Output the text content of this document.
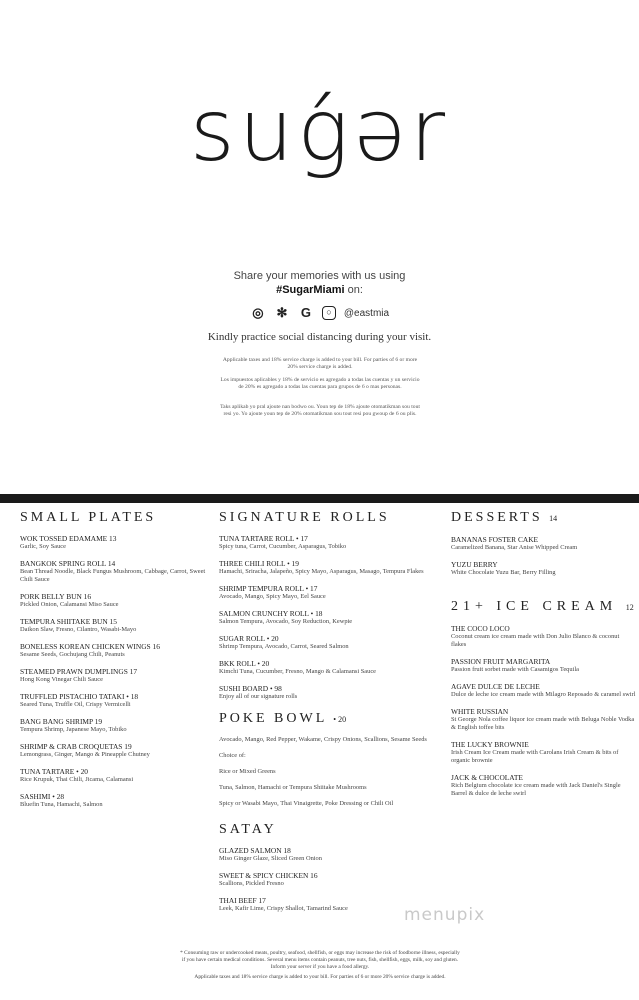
suǵər
Share your memories with us using
#SugarMiami on:
◎ ✻ G	○	@eastmia
Kindly practice social distancing during your visit.
Applicable taxes and 18% service charge is added to your bill. For parties of 6 or more 20% service charge is added.
Los impuestos aplicables y 18% de servicio es agregado a todas las cuentas y un servicio de 20% es agregado a todas las cuentas para grupos de 6 o mas personas.
Taks aplikab yo pral ajoute nan bodwo ou. Youn tep de 18% ajoute otomatikman sou tout resi yo. Yo ajoute youn tep de 20% otomatikman sou tout resi pou gwoup de 6 ou plis.
SMALL PLATES
WOK TOSSED EDAMAME 13
Garlic, Soy Sauce
BANGKOK SPRING ROLL 14
Bean Thread Noodle, Black Fungus Mushroom, Cabbage, Carrot, Sweet Chili Sauce
PORK BELLY BUN 16
Pickled Onion, Calamansi Miso Sauce
TEMPURA SHIITAKE BUN 15
Daikon Slaw, Fresno, Cilantro, Wasabi-Mayo
BONELESS KOREAN CHICKEN WINGS 16
Sesame Seeds, Gochujang Chili, Peanuts
STEAMED PRAWN DUMPLINGS 17
Hong Kong Vinegar Chili Sauce
TRUFFLED PISTACHIO TATAKI • 18
Seared Tuna, Truffle Oil, Crispy Vermicelli
BANG BANG SHRIMP 19
Tempura Shrimp, Japanese Mayo, Tobiko
SHRIMP & CRAB CROQUETAS 19
Lemongrass, Ginger, Mango & Pineapple Chutney
TUNA TARTARE • 20
Rice Krupuk, Thai Chili, Jicama, Calamansi
SASHIMI • 28
Bluefin Tuna, Hamachi, Salmon
SIGNATURE ROLLS
TUNA TARTARE ROLL • 17
Spicy tuna, Carrot, Cucumber, Asparagus, Tobiko
THREE CHILI ROLL • 19
Hamachi, Sriracha, Jalapeño, Spicy Mayo, Asparagus, Masago, Tempura Flakes
SHRIMP TEMPURA ROLL • 17
Avocado, Mango, Spicy Mayo, Eel Sauce
SALMON CRUNCHY ROLL • 18
Salmon Tempura, Avocado, Soy Reduction, Kewpie
SUGAR ROLL • 20
Shrimp Tempura, Avocado, Carrot, Seared Salmon
BKK ROLL • 20
Kimchi Tuna, Cucumber, Fresno, Mango & Calamansi Sauce
SUSHI BOARD • 98
Enjoy all of our signature rolls
POKE BOWL • 20
Avocado, Mango, Red Pepper, Wakame, Crispy Onions, Scallions, Sesame Seeds
Choice of:
Rice or Mixed Greens
Tuna, Salmon, Hamachi or Tempura Shiitake Mushrooms
Spicy or Wasabi Mayo, Thai Vinaigrette, Poke Dressing or Chili Oil
SATAY
GLAZED SALMON 18
Miso Ginger Glaze, Sliced Green Onion
SWEET & SPICY CHICKEN 16
Scallions, Pickled Fresno
THAI BEEF 17
Leek, Kafir Lime, Crispy Shallot, Tamarind Sauce
DESSERTS 14
BANANAS FOSTER CAKE
Caramelized Banana, Star Anise Whipped Cream
YUZU BERRY
White Chocolate Yuzu Bar, Berry Filling
21+ ICE CREAM 12
THE COCO LOCO
Coconut cream ice cream made with Don Julio Blanco & coconut flakes
PASSION FRUIT MARGARITA
Passion fruit sorbet made with Casamigos Tequila
AGAVE DULCE DE LECHE
Dulce de leche ice cream made with Milagro Reposado & caramel swirl
WHITE RUSSIAN
St George Nola coffee liquor ice cream made with Beluga Noble Vodka & English toffee bits
THE LUCKY BROWNIE
Irish Cream Ice Cream made with Carolans Irish Cream & bits of organic brownie
JACK & CHOCOLATE
Rich Belgium chocolate ice cream made with Jack Daniel's Single Barrel & dulce de leche swirl
menupix
* Consuming raw or undercooked meats, poultry, seafood, shellfish, or eggs may increase the risk of foodborne illness, especially if you have certain medical conditions. Several menu items contain peanuts, tree nuts, fish, shellfish, eggs, milk, soy and gluten.
Inform your server if you have a food allergy.
Applicable taxes and 18% service charge is added to your bill. For parties of 6 or more 20% service charge is added.
